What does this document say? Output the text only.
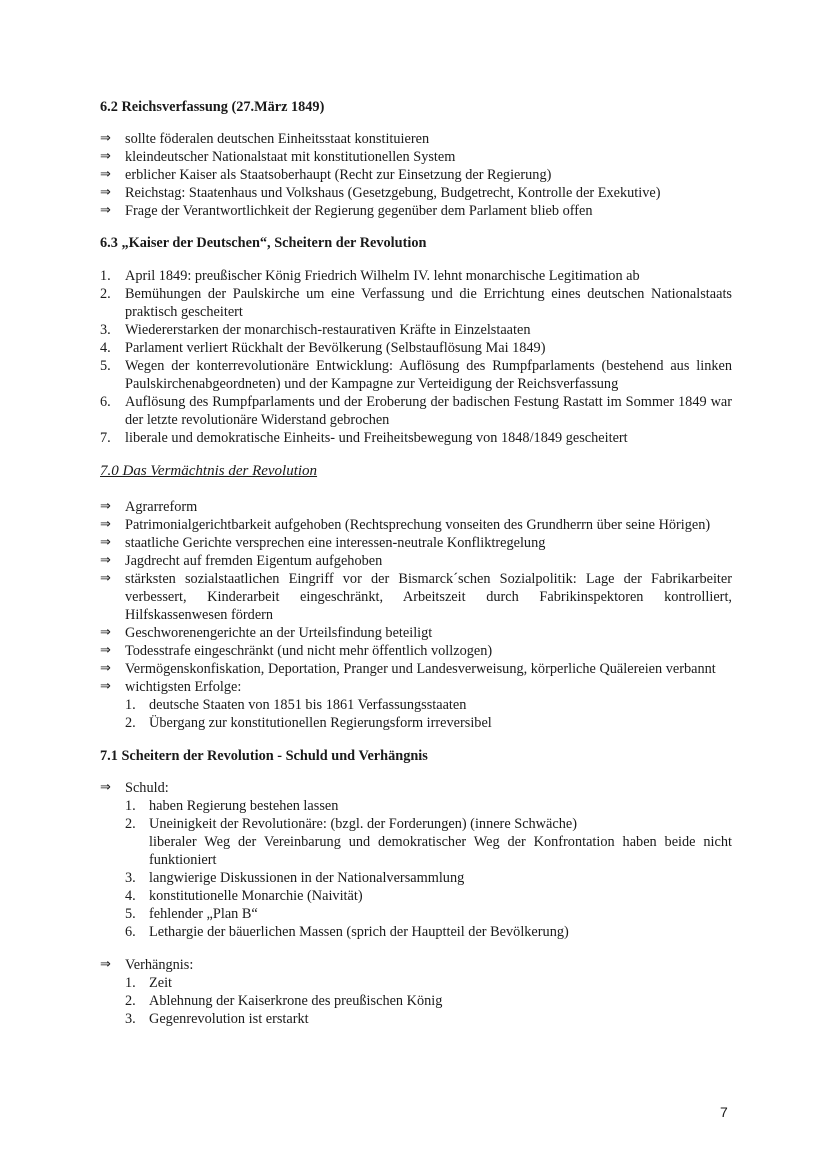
6.2 Reichsverfassung (27.März 1849)

⇒ sollte föderalen deutschen Einheitsstaat konstituieren
⇒ kleindeutscher Nationalstaat mit konstitutionellen System
⇒ erblicher Kaiser als Staatsoberhaupt (Recht zur Einsetzung der Regierung)
⇒ Reichstag: Staatenhaus und Volkshaus (Gesetzgebung, Budgetrecht, Kontrolle der Exekutive)
⇒ Frage der Verantwortlichkeit der Regierung gegenüber dem Parlament blieb offen

6.3 „Kaiser der Deutschen“, Scheitern der Revolution

1. April 1849: preußischer König Friedrich Wilhelm IV. lehnt monarchische Legitimation ab
2. Bemühungen der Paulskirche um eine Verfassung und die Errichtung eines deutschen Nationalstaats praktisch gescheitert
3. Wiedererstarken der monarchisch-restaurativen Kräfte in Einzelstaaten
4. Parlament verliert Rückhalt der Bevölkerung (Selbstauflösung Mai 1849)
5. Wegen der konterrevolutionäre Entwicklung: Auflösung des Rumpfparlaments (bestehend aus linken Paulskirchenabgeordneten) und der Kampagne zur Verteidigung der Reichsverfassung
6. Auflösung des Rumpfparlaments und der Eroberung der badischen Festung Rastatt im Sommer 1849 war der letzte revolutionäre Widerstand gebrochen
7. liberale und demokratische Einheits- und Freiheitsbewegung von 1848/1849 gescheitert

7.0 Das Vermächtnis der Revolution

⇒ Agrarreform
⇒ Patrimonialgerichtbarkeit aufgehoben (Rechtsprechung vonseiten des Grundherrn über seine Hörigen)
⇒ staatliche Gerichte versprechen eine interessen-neutrale Konfliktregelung
⇒ Jagdrecht auf fremden Eigentum aufgehoben
⇒ stärksten sozialstaatlichen Eingriff vor der Bismarck´schen Sozialpolitik: Lage der Fabrikarbeiter verbessert, Kinderarbeit eingeschränkt, Arbeitszeit durch Fabrikinspektoren kontrolliert, Hilfskassenwesen fördern
⇒ Geschworenengerichte an der Urteilsfindung beteiligt
⇒ Todesstrafe eingeschränkt (und nicht mehr öffentlich vollzogen)
⇒ Vermögenskonfiskation, Deportation, Pranger und Landesverweisung, körperliche Quälereien verbannt
⇒ wichtigsten Erfolge:
1. deutsche Staaten von 1851 bis 1861 Verfassungsstaaten
2. Übergang zur konstitutionellen Regierungsform irreversibel

7.1 Scheitern der Revolution - Schuld und Verhängnis

⇒ Schuld:
1. haben Regierung bestehen lassen
2. Uneinigkeit der Revolutionäre: (bzgl. der Forderungen) (innere Schwäche)
liberaler Weg der Vereinbarung und demokratischer Weg der Konfrontation haben beide nicht funktioniert
3. langwierige Diskussionen in der Nationalversammlung
4. konstitutionelle Monarchie (Naivität)
5. fehlender „Plan B“
6. Lethargie der bäuerlichen Massen (sprich der Hauptteil der Bevölkerung)
⇒ Verhängnis:
1. Zeit
2. Ablehnung der Kaiserkrone des preußischen König
3. Gegenrevolution ist erstarkt
7
